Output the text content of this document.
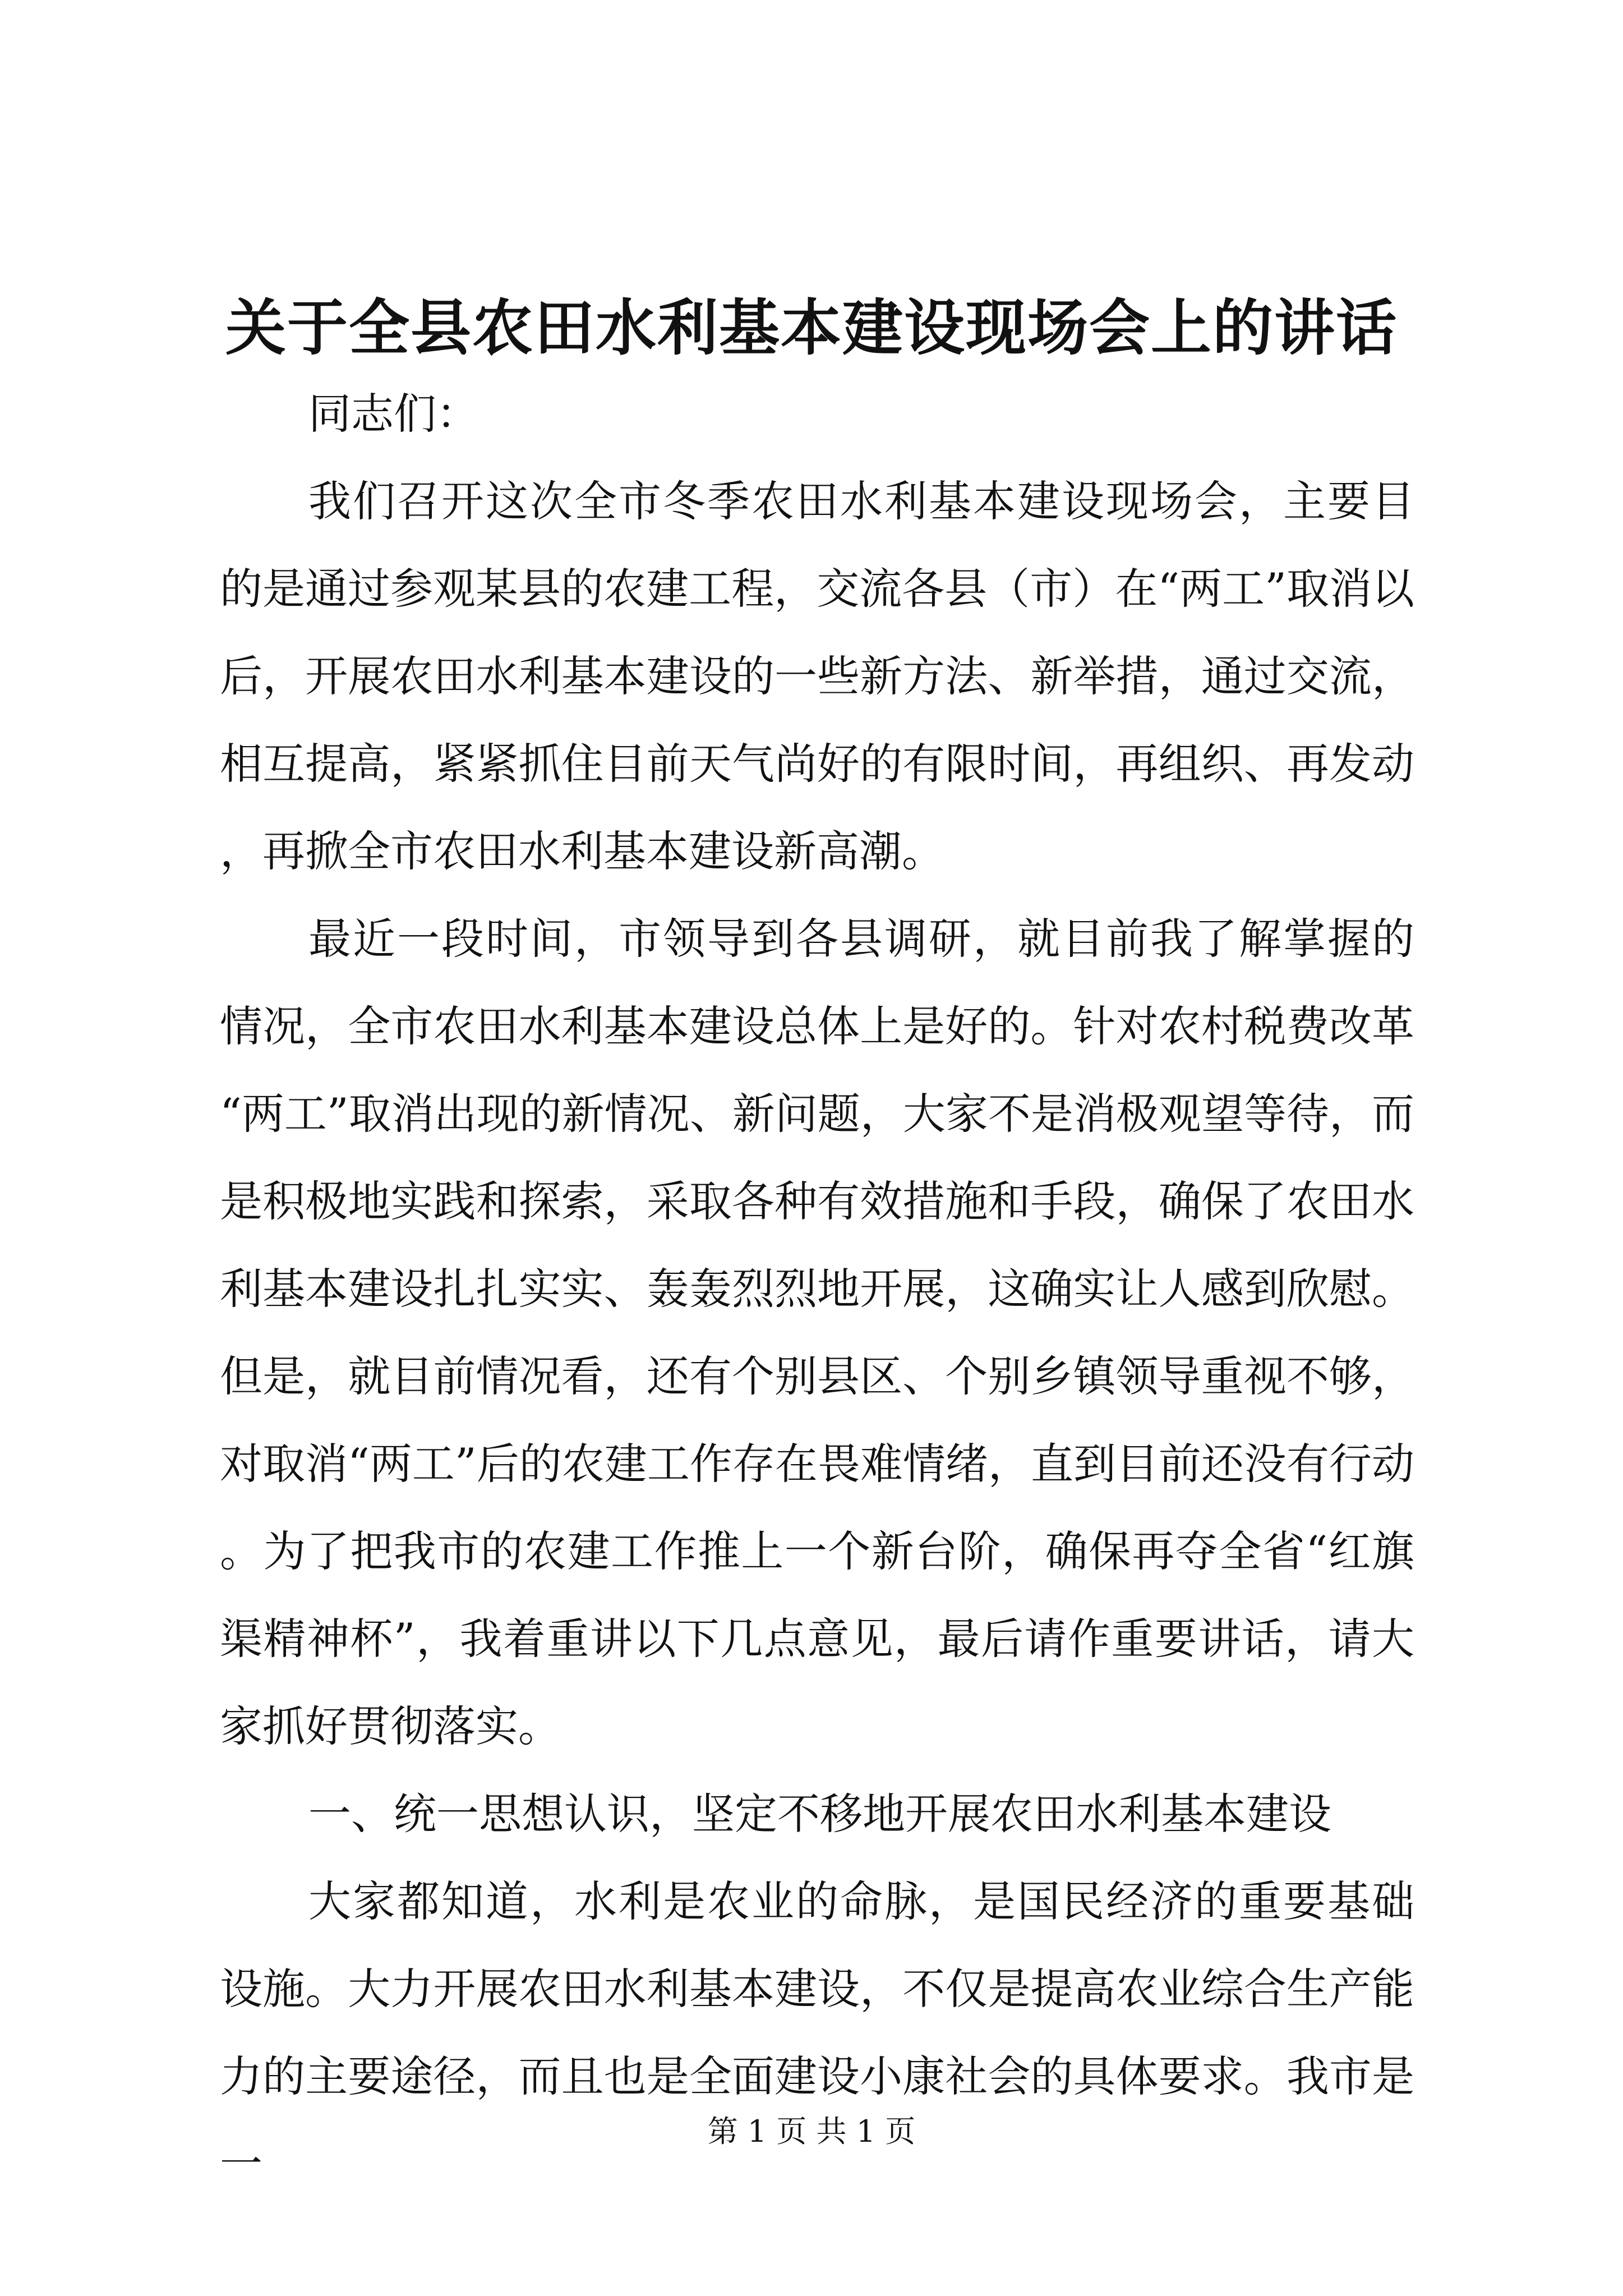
关于全县农田水利基本建设现场会上的讲话

同志们：

我们召开这次全市冬季农田水利基本建设现场会，主要目的是通过参观某县的农建工程，交流各县（市）在“两工”取消以后，开展农田水利基本建设的一些新方法、新举措，通过交流，相互提高，紧紧抓住目前天气尚好的有限时间，再组织、再发动，再掀全市农田水利基本建设新高潮。

最近一段时间，市领导到各县调研，就目前我了解掌握的情况，全市农田水利基本建设总体上是好的。针对农村税费改革“两工”取消出现的新情况、新问题，大家不是消极观望等待，而是积极地实践和探索，采取各种有效措施和手段，确保了农田水利基本建设扎扎实实、轰轰烈烈地开展，这确实让人感到欣慰。但是，就目前情况看，还有个别县区、个别乡镇领导重视不够，对取消“两工”后的农建工作存在畏难情绪，直到目前还没有行动。为了把我市的农建工作推上一个新台阶，确保再夺全省“红旗渠精神杯”，我着重讲以下几点意见，最后请作重要讲话，请大家抓好贯彻落实。

一、统一思想认识，坚定不移地开展农田水利基本建设

大家都知道，水利是农业的命脉，是国民经济的重要基础设施。大力开展农田水利基本建设，不仅是提高农业综合生产能力的主要途径，而且也是全面建设小康社会的具体要求。我市是一

第 1 页 共 1 页
